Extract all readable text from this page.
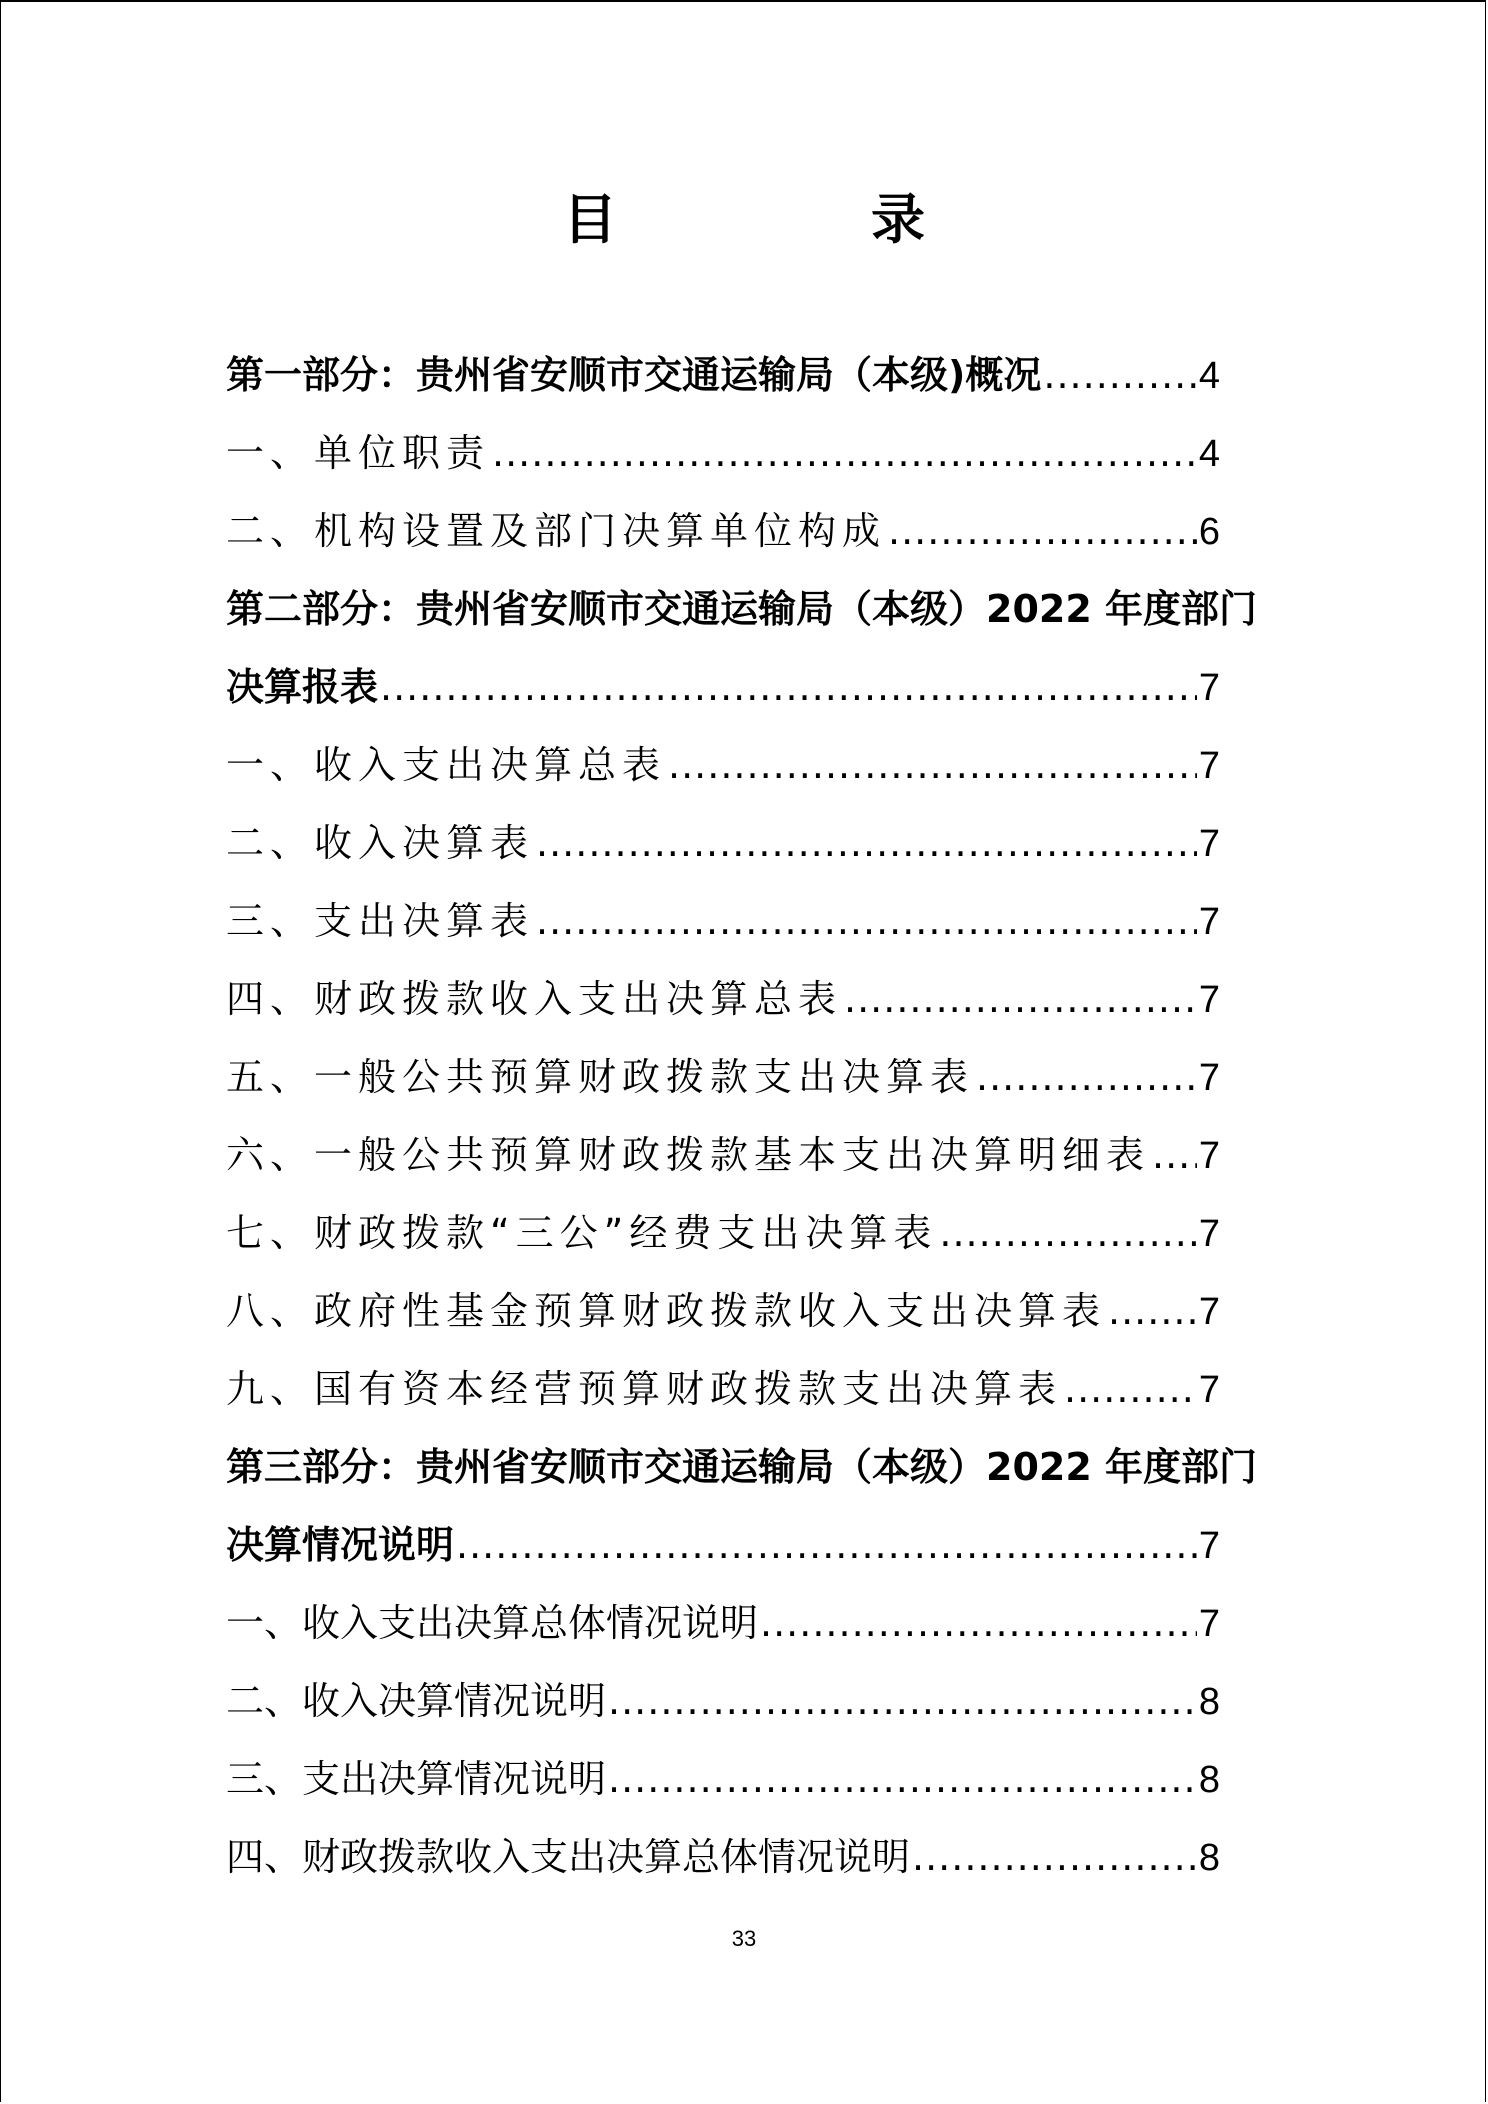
目　录
第一部分：贵州省安顺市交通运输局（本级)概况 .....	4
一、单位职责 .....	4
二、机构设置及部门决算单位构成 .....	6
第二部分：贵州省安顺市交通运输局（本级）2022 年度部门
决算报表 .....	7
一、收入支出决算总表 .....	7
二、收入决算表 .....	7
三、支出决算表 .....	7
四、财政拨款收入支出决算总表 .....	7
五、一般公共预算财政拨款支出决算表 .....	7
六、一般公共预算财政拨款基本支出决算明细表 ..... 7
七、财政拨款“三公”经费支出决算表 .....	7
八、政府性基金预算财政拨款收入支出决算表 ..... 7
九、国有资本经营预算财政拨款支出决算表 .....	7
第三部分：贵州省安顺市交通运输局（本级）2022 年度部门
决算情况说明 .....	7
一、收入支出决算总体情况说明 .....	7
二、收入决算情况说明 .....	8
三、支出决算情况说明 .....	8
四、财政拨款收入支出决算总体情况说明 .....	8
33
